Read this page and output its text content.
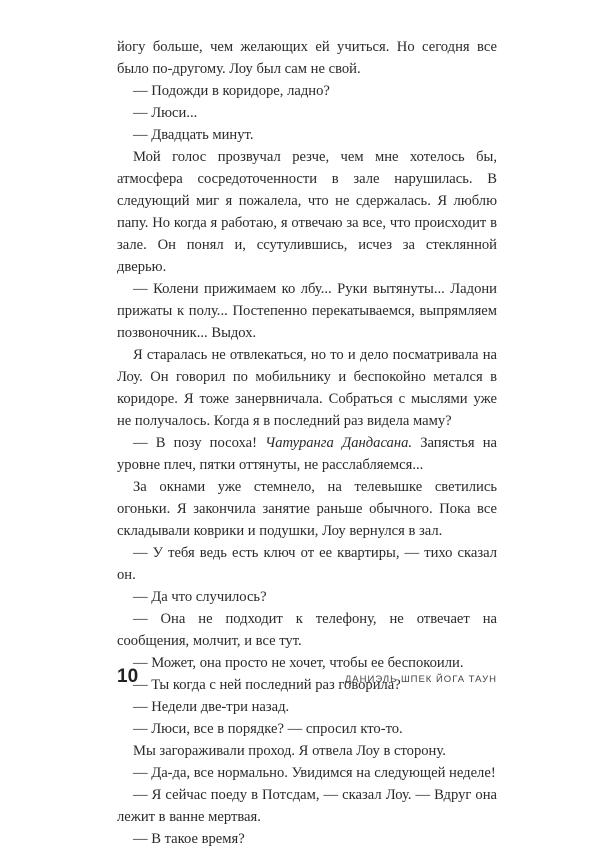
йогу больше, чем желающих ей учиться. Но сегодня все было по-другому. Лоу был сам не свой.

— Подожди в коридоре, ладно?

— Люси...

— Двадцать минут.

Мой голос прозвучал резче, чем мне хотелось бы, атмосфера сосредоточенности в зале нарушилась. В следующий миг я пожалела, что не сдержалась. Я люблю папу. Но когда я работаю, я отвечаю за все, что происходит в зале. Он понял и, ссутулившись, исчез за стеклянной дверью.

— Колени прижимаем ко лбу... Руки вытянуты... Ладони прижаты к полу... Постепенно перекатываемся, выпрямляем позвоночник... Выдох.

Я старалась не отвлекаться, но то и дело посматривала на Лоу. Он говорил по мобильнику и беспокойно метался в коридоре. Я тоже занервничала. Собраться с мыслями уже не получалось. Когда я в последний раз видела маму?

— В позу посоха! Чатуранга Дандасана. Запястья на уровне плеч, пятки оттянуты, не расслабляемся...

За окнами уже стемнело, на телевышке светились огоньки. Я закончила занятие раньше обычного. Пока все складывали коврики и подушки, Лоу вернулся в зал.

— У тебя ведь есть ключ от ее квартиры, — тихо сказал он.

— Да что случилось?

— Она не подходит к телефону, не отвечает на сообщения, молчит, и все тут.

— Может, она просто не хочет, чтобы ее беспокоили.

— Ты когда с ней последний раз говорила?

— Недели две-три назад.

— Люси, все в порядке? — спросил кто-то.

Мы загораживали проход. Я отвела Лоу в сторону.

— Да-да, все нормально. Увидимся на следующей неделе!

— Я сейчас поеду в Потсдам, — сказал Лоу. — Вдруг она лежит в ванне мертвая.

— В такое время?

10	ДАНИЭЛЬ ШПЕК ЙОГА ТАУН
